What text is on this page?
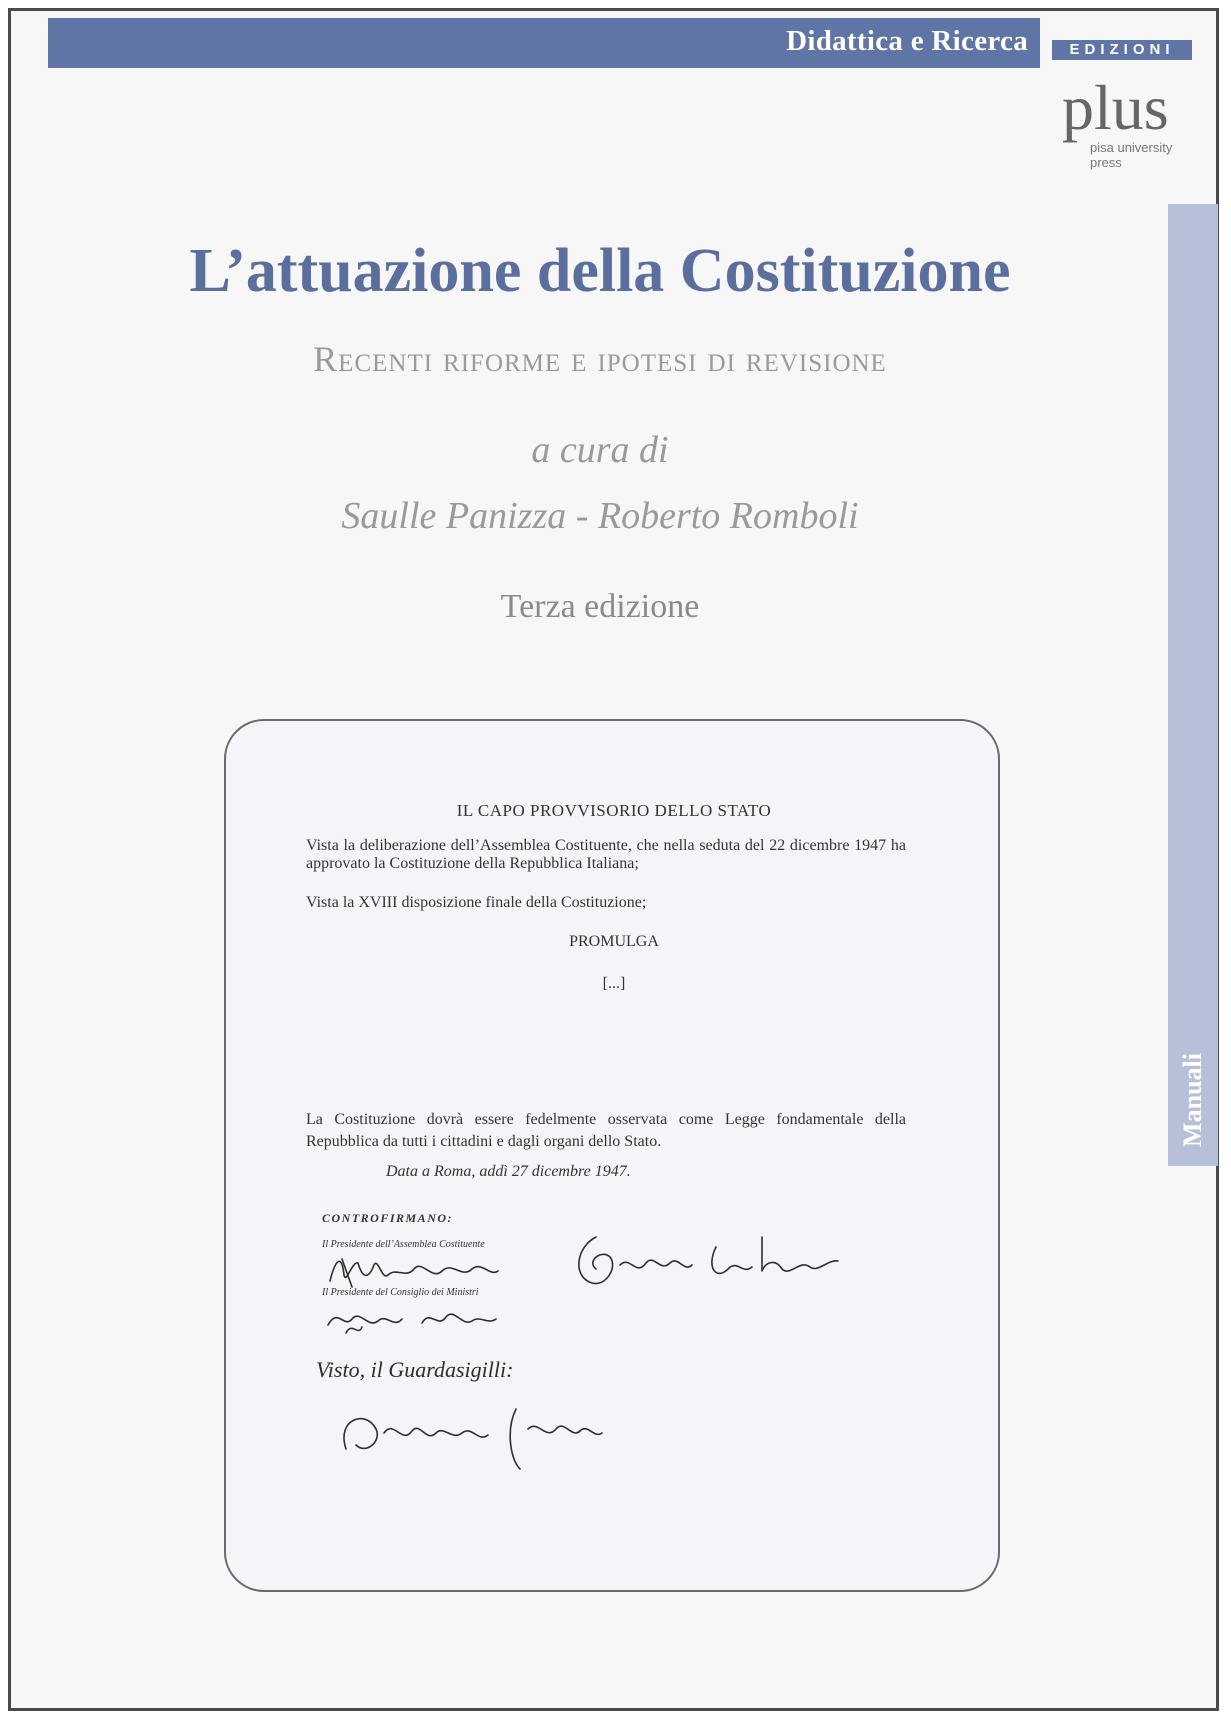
Didattica e Ricerca	EDIZIONI
plus
pisa university
press
Manuali
L’attuazione della Costituzione
Recenti riforme e ipotesi di revisione
a cura di
Saulle Panizza - Roberto Romboli
Terza edizione
IL CAPO PROVVISORIO DELLO STATO
Vista la deliberazione dell’Assemblea Costituente, che nella seduta del 22 dicembre 1947 ha approvato la Costituzione della Repubblica Italiana;
Vista la XVIII disposizione finale della Costituzione;
PROMULGA
[...]
La Costituzione dovrà essere fedelmente osservata come Legge fondamentale della Repubblica da tutti i cittadini e dagli organi dello Stato.
Data a Roma, addì 27 dicembre 1947.
CONTROFIRMANO:
Il Presidente dell’Assemblea Costituente
Il Presidente del Consiglio dei Ministri
Visto, il Guardasigilli:
